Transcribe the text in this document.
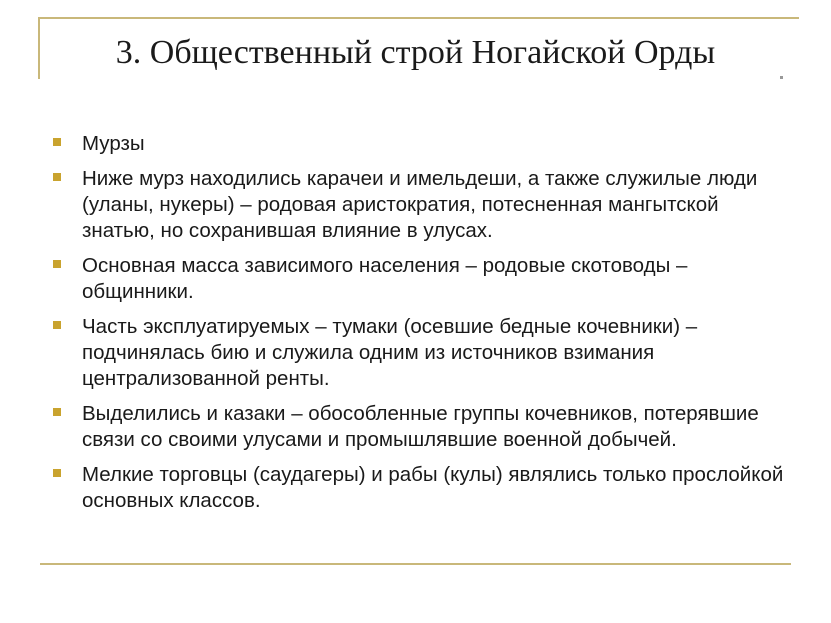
3. Общественный строй Ногайской Орды
Мурзы
Ниже мурз находились карачеи и имельдеши, а также служилые люди (уланы, нукеры) – родовая аристократия, потесненная мангытской знатью, но сохранившая влияние в улусах.
Основная масса зависимого населения – родовые скотоводы – общинники.
Часть эксплуатируемых – тумаки (осевшие бедные кочевники) – подчинялась бию и служила одним из источников взимания централизованной ренты.
Выделились и казаки – обособленные группы кочевников, потерявшие связи со своими улусами и промышлявшие военной добычей.
Мелкие торговцы (саудагеры) и рабы (кулы) являлись только прослойкой основных классов.
